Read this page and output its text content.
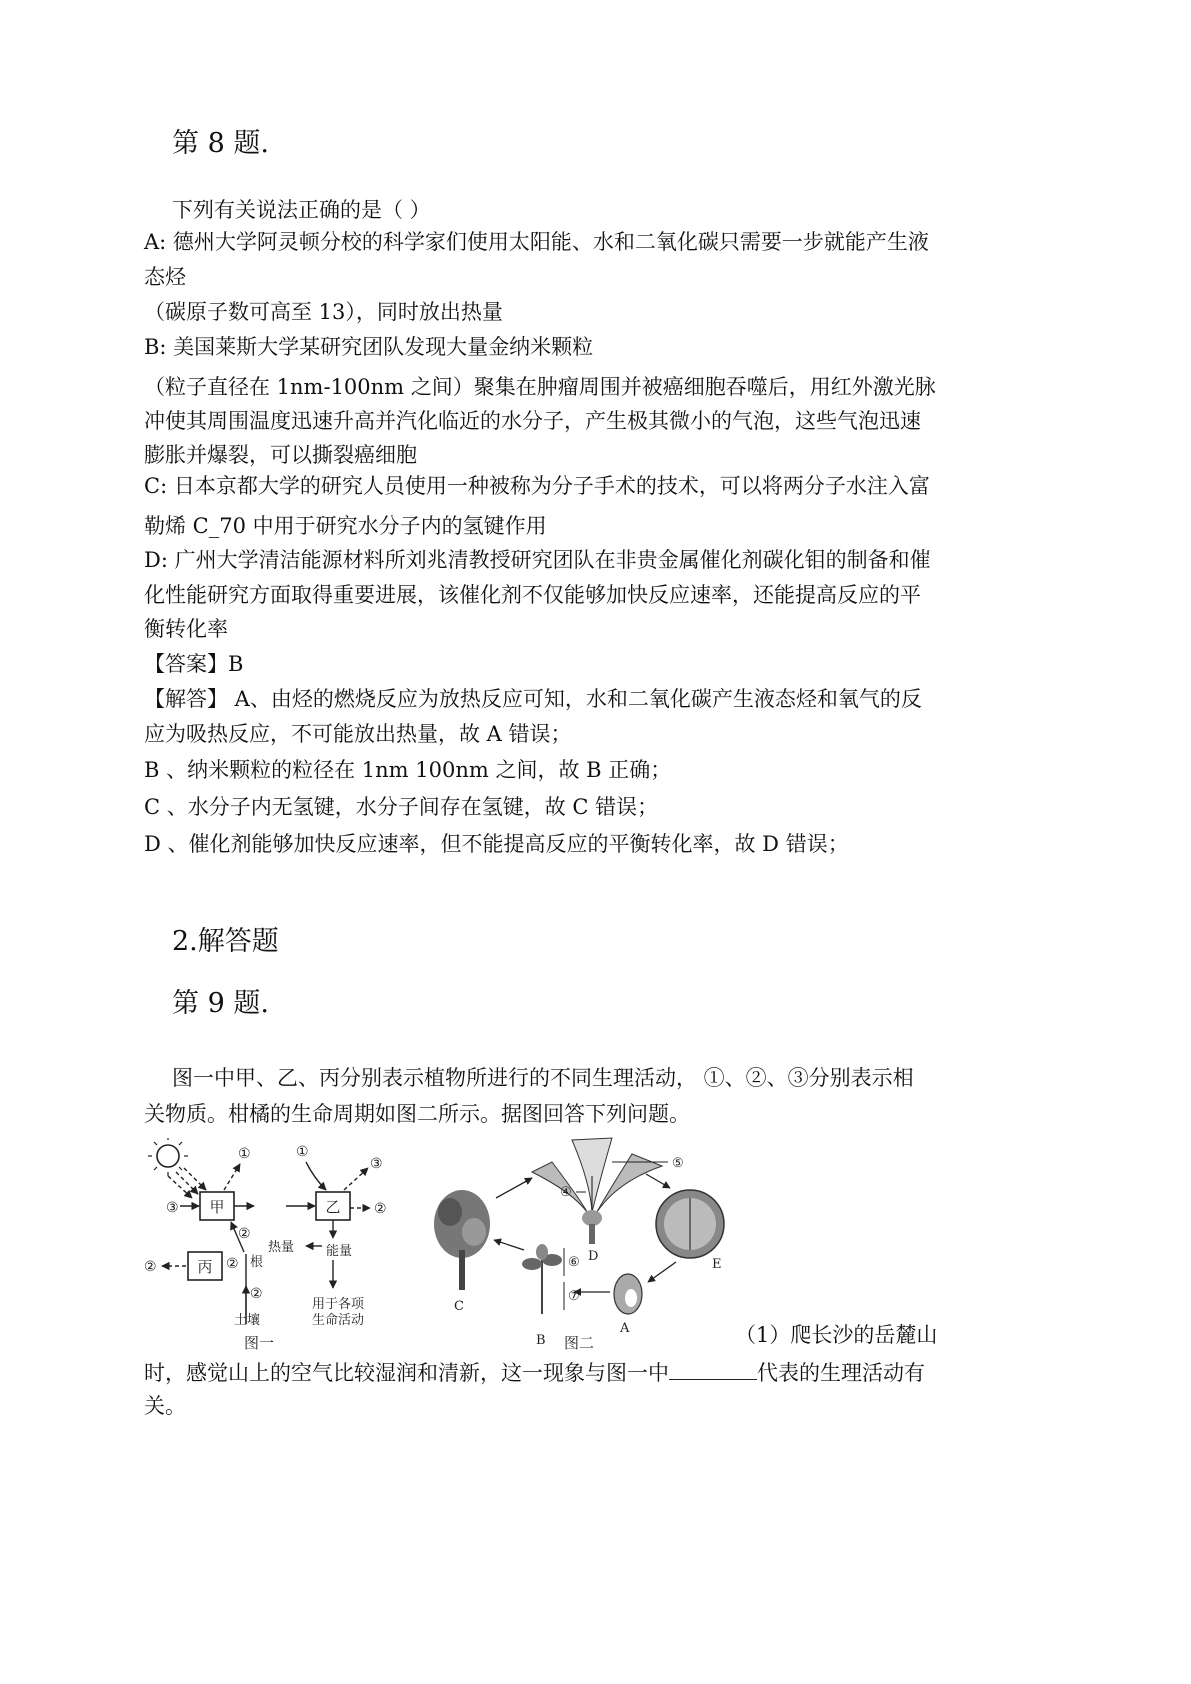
第 8 题.
下列有关说法正确的是（ ）
A: 德州大学阿灵顿分校的科学家们使用太阳能、水和二氧化碳只需要一步就能产生液
态烃
（碳原子数可高至 13），同时放出热量
B: 美国莱斯大学某研究团队发现大量金纳米颗粒
（粒子直径在 1nm-100nm 之间）聚集在肿瘤周围并被癌细胞吞噬后，用红外激光脉
冲使其周围温度迅速升高并汽化临近的水分子，产生极其微小的气泡，这些气泡迅速
膨胀并爆裂，可以撕裂癌细胞
C: 日本京都大学的研究人员使用一种被称为分子手术的技术，可以将两分子水注入富
勒烯 C_70 中用于研究水分子内的氢键作用
D: 广州大学清洁能源材料所刘兆清教授研究团队在非贵金属催化剂碳化钼的制备和催
化性能研究方面取得重要进展，该催化剂不仅能够加快反应速率，还能提高反应的平
衡转化率
【答案】B
【解答】 A、由烃的燃烧反应为放热反应可知，水和二氧化碳产生液态烃和氧气的反
应为吸热反应，不可能放出热量，故 A 错误；
B 、纳米颗粒的粒径在 1nm 100nm 之间，故 B 正确；
C 、水分子内无氢键，水分子间存在氢键，故 C 错误；
D 、催化剂能够加快反应速率，但不能提高反应的平衡转化率，故 D 错误；
2.解答题
第 9 题.
图一中甲、乙、丙分别表示植物所进行的不同生理活动， ①、②、③分别表示相
关物质。柑橘的生命周期如图二所示。据图回答下列问题。
甲
③
①
②
乙
①
③
②
能量
热量
用于各项
生命活动
丙
②	② 根
②
土壤
图一
C
④
⑤
D
E
A
B
⑥
⑦
图二	（1）爬长沙的岳麓山
时，感觉山上的空气比较湿润和清新，这一现象与图一中	代表的生理活动有
关。
